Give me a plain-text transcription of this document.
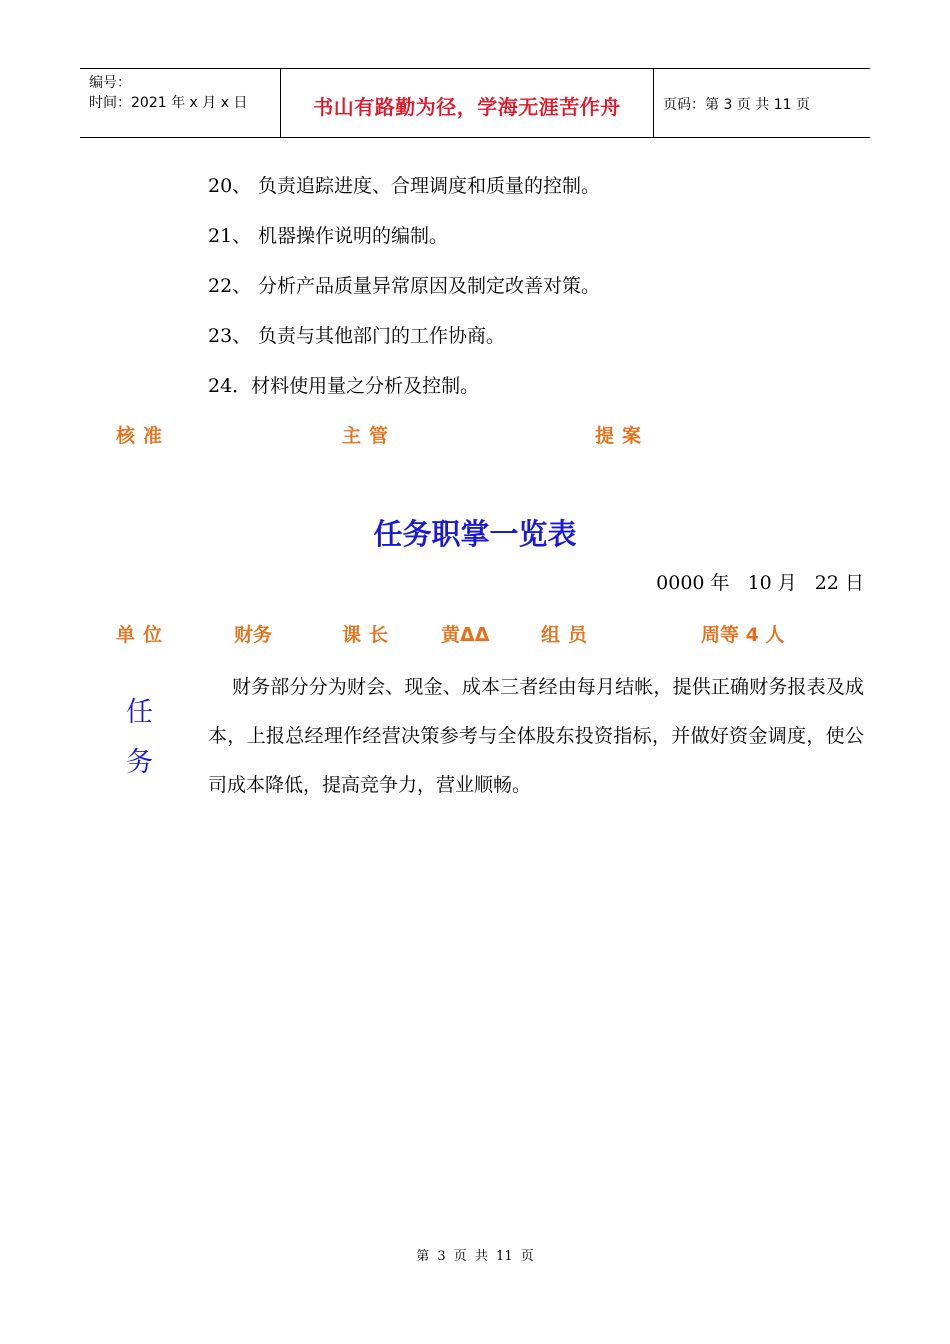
编号：
时间：2021 年 x 月 x 日	书山有路勤为径，学海无涯苦作舟	页码：第 3 页 共 11 页
20、 负责追踪进度、合理调度和质量的控制。
21、 机器操作说明的编制。
22、 分析产品质量异常原因及制定改善对策。
23、 负责与其他部门的工作协商。
24．材料使用量之分析及控制。
核准	主管	提案
任务职掌一览表
0000 年 10 月 22 日
单位	财务	课长 黄ⵠⵠ	组员	周等 4 人
任
务
财务部分分为财会、现金、成本三者经由每月结帐，提供正确财务报表及成本，上报总经理作经营决策参考与全体股东投资指标，并做好资金调度，使公司成本降低，提高竞争力，营业顺畅。
第 3 页 共 11 页
